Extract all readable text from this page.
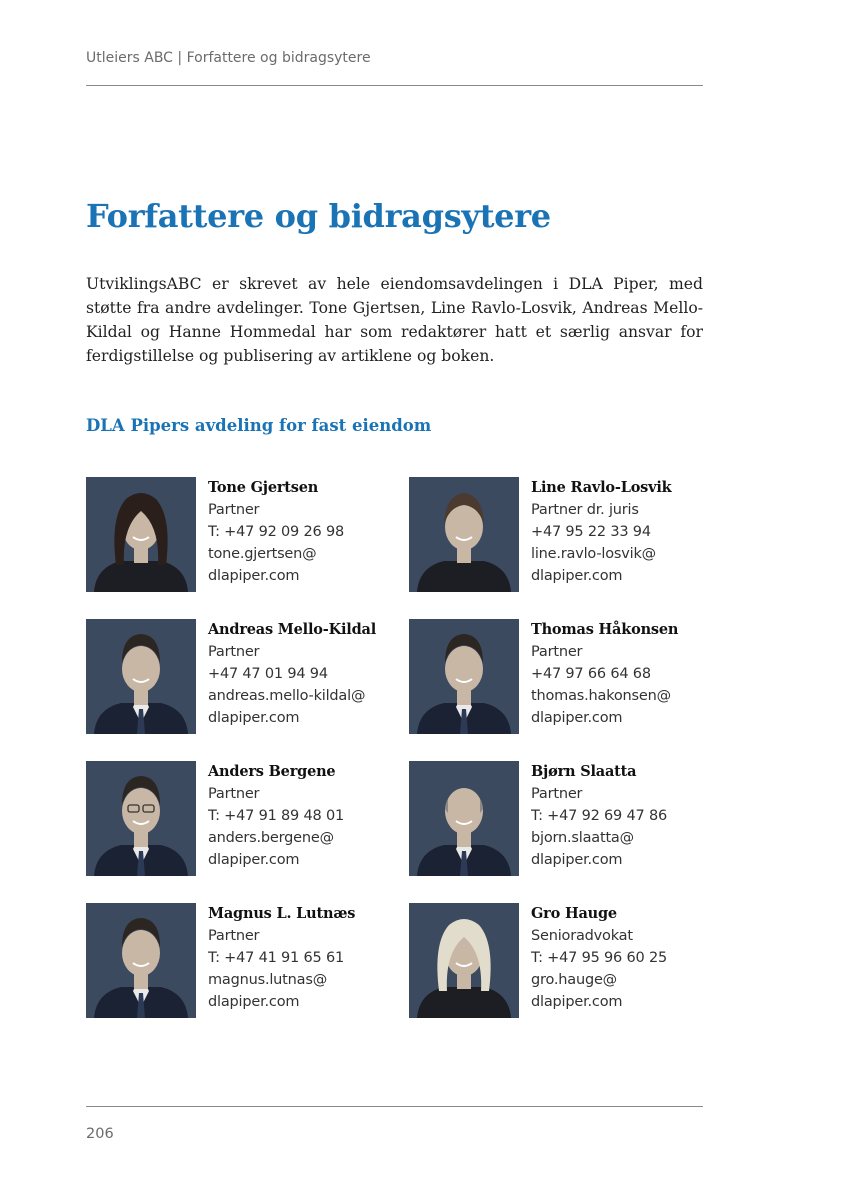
Utleiers ABC | Forfattere og bidragsytere
Forfattere og bidragsytere

UtviklingsABC er skrevet av hele eiendomsavdelingen i DLA Piper, med støtte fra andre avdelinger. Tone Gjertsen, Line Ravlo-Losvik, Andreas Mello-Kildal og Hanne Hommedal har som redaktører hatt et særlig ansvar for ferdigstillelse og publisering av artiklene og boken.

DLA Pipers avdeling for fast eiendom
Tone Gjertsen
Partner
T: +47 92 09 26 98
tone.gjertsen@
dlapiper.com
Line Ravlo-Losvik
Partner dr. juris
+47 95 22 33 94
line.ravlo-losvik@
dlapiper.com
Andreas Mello-Kildal
Partner
+47 47 01 94 94
andreas.mello-kildal@
dlapiper.com
Thomas Håkonsen
Partner
+47 97 66 64 68
thomas.hakonsen@
dlapiper.com
Anders Bergene
Partner
T: +47 91 89 48 01
anders.bergene@
dlapiper.com
Bjørn Slaatta
Partner
T: +47 92 69 47 86
bjorn.slaatta@
dlapiper.com
Magnus L. Lutnæs
Partner
T: +47 41 91 65 61
magnus.lutnas@
dlapiper.com
Gro Hauge
Senioradvokat
T: +47 95 96 60 25
gro.hauge@
dlapiper.com
206
